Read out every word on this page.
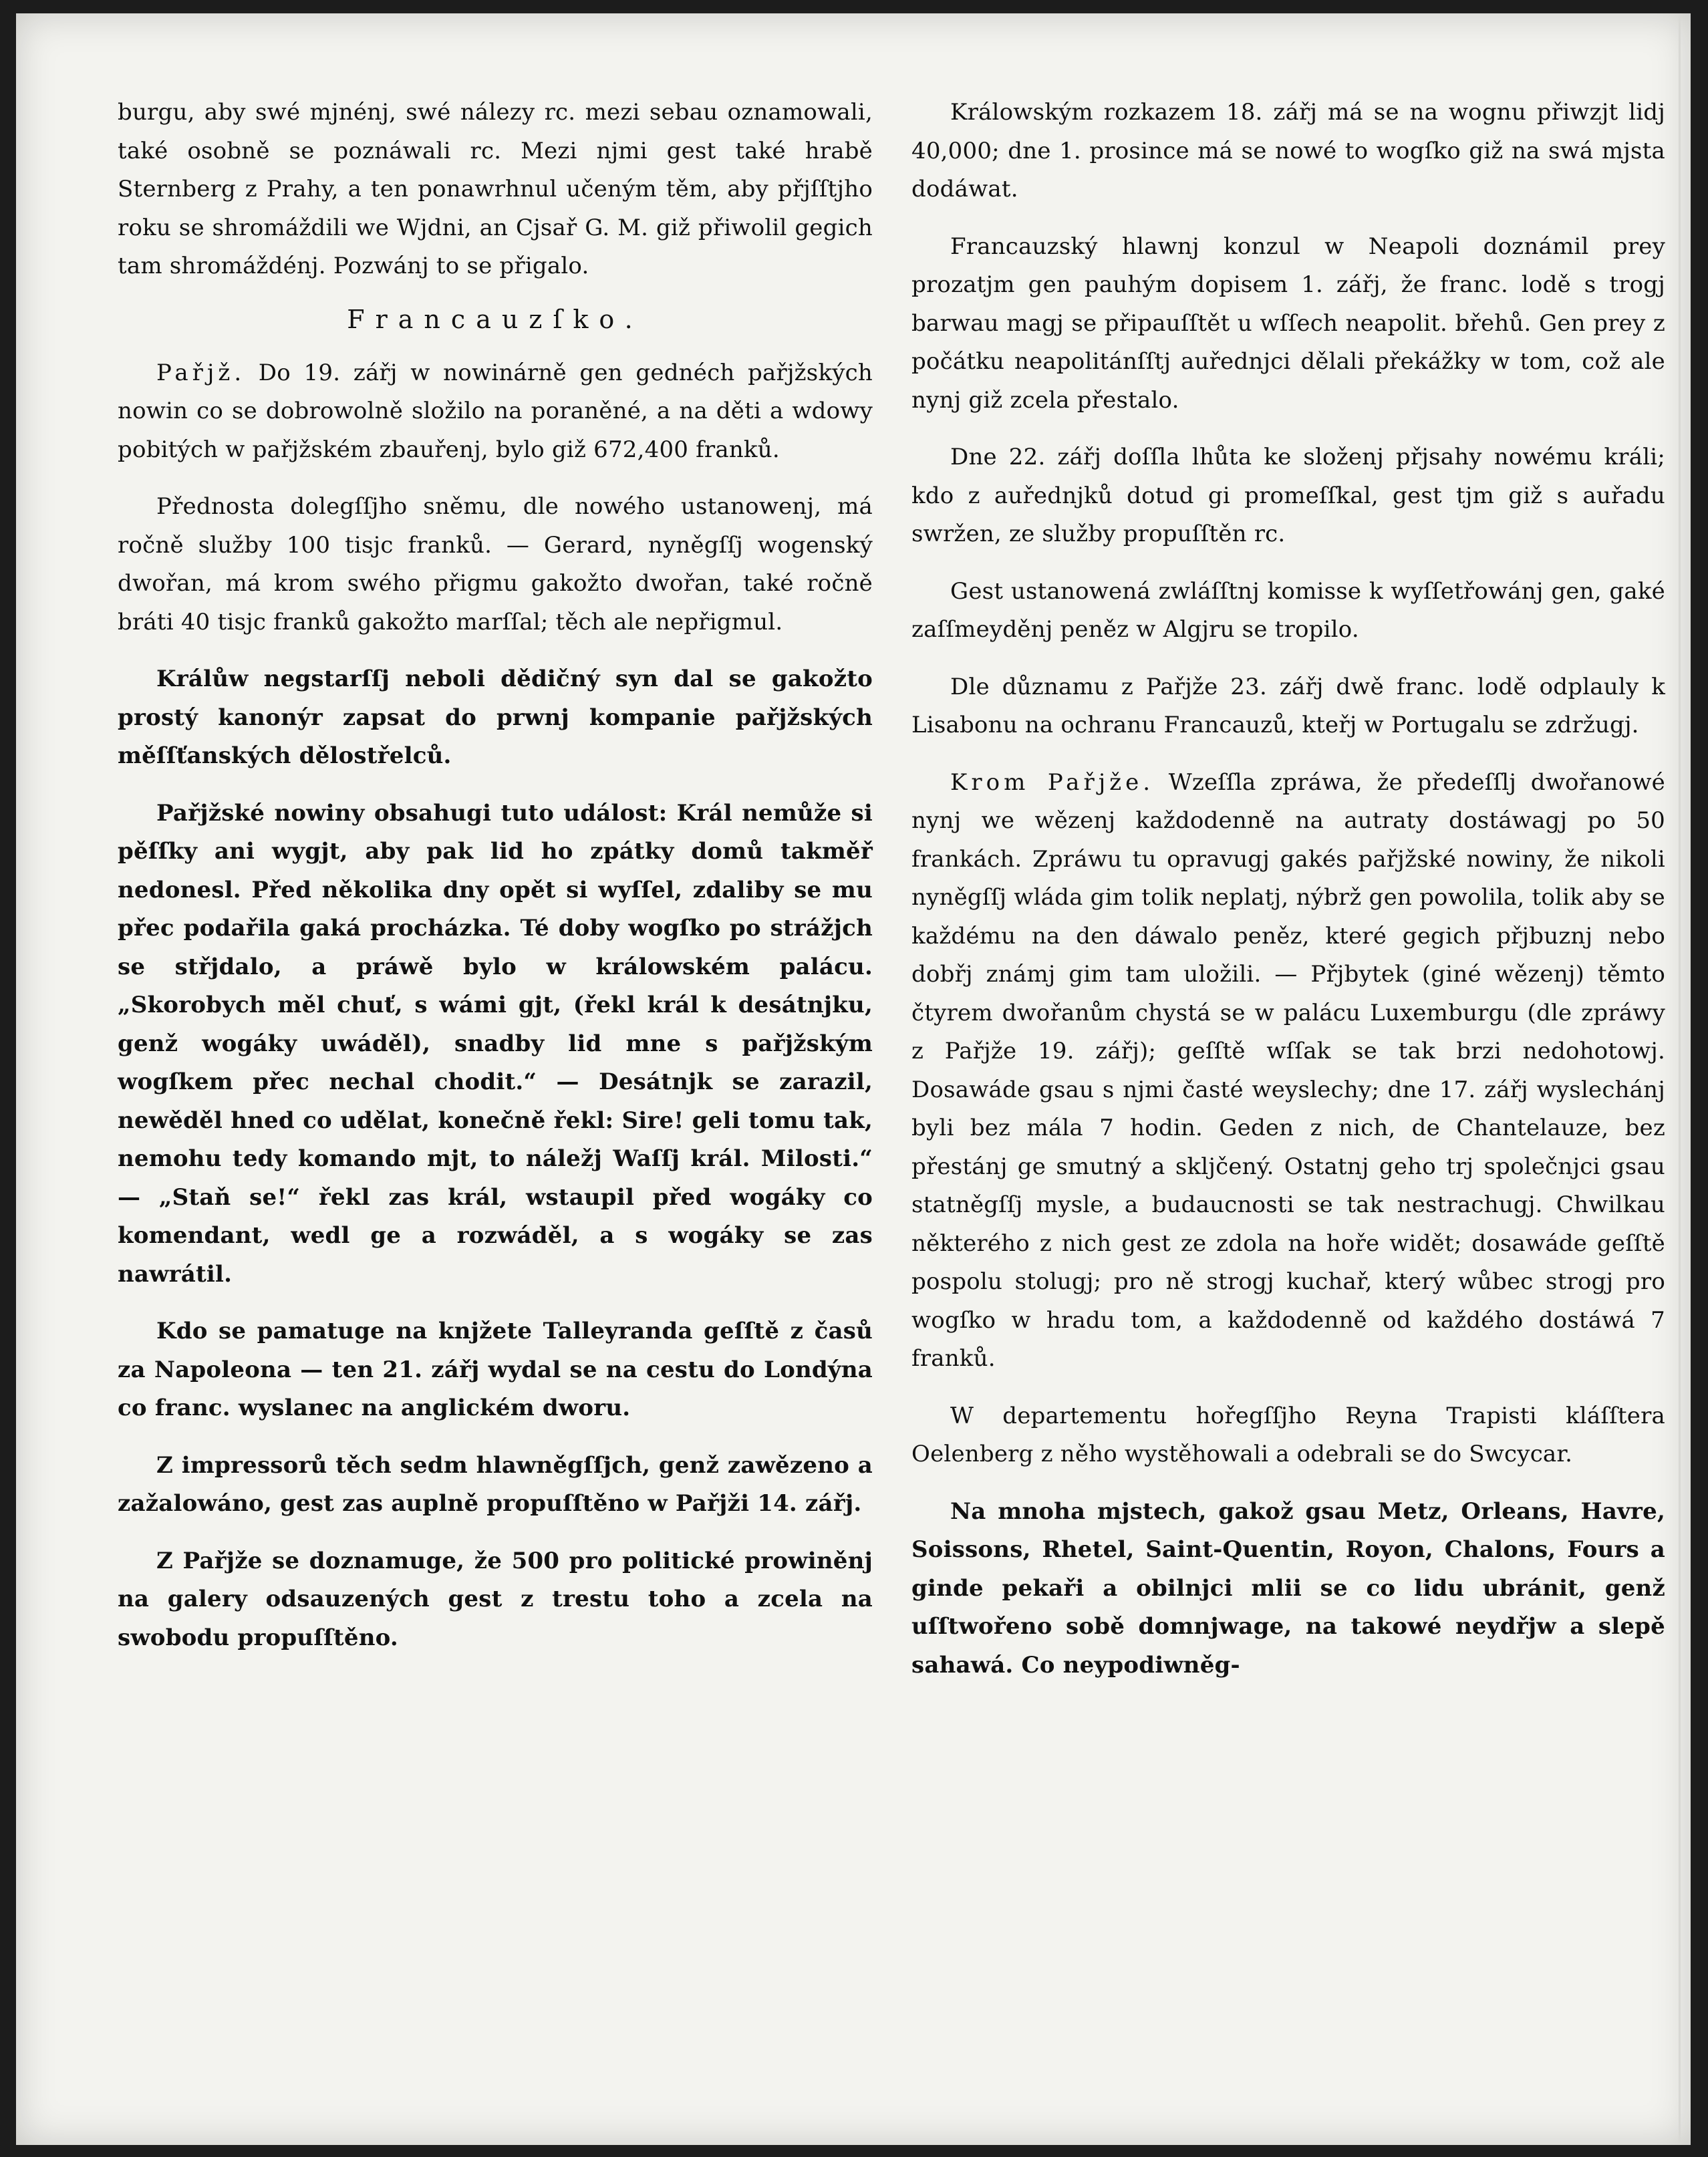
burgu, aby swé mjnénj, swé nálezy rc. mezi sebau oznamowali, také osobně se poznáwali rc. Mezi njmi gest také hrabě Sternberg z Prahy, a ten ponawrhnul učeným těm, aby přjſſtjho roku se shromáždili we Wjdni, an Cjsař G. M. giž přiwolil gegich tam shromáždénj. Pozwánj to se přigalo.

Francauzſko.

Pařjž. Do 19. zářj w nowinárně gen gednéch pařjžských nowin co se dobrowolně složilo na poraněné, a na děti a wdowy pobitých w pařjžském zbauřenj, bylo giž 672,400 franků.

Přednosta dolegſſjho sněmu, dle nowého ustanowenj, má ročně služby 100 tisjc franků. — Gerard, nyněgſſj wogenský dwořan, má krom swého přigmu gakožto dwořan, také ročně bráti 40 tisjc franků gakožto marſſal; těch ale nepřigmul.

Králůw negstarſſj neboli dědičný syn dal se gakožto prostý kanonýr zapsat do prwnj kompanie pařjžských měſſťanských dělostřelců.

Pařjžské nowiny obsahugi tuto událost: Král nemůže si pěſſky ani wygjt, aby pak lid ho zpátky domů takměř nedonesl. Před několika dny opět si wyſſel, zdaliby se mu přec podařila gaká procházka. Té doby wogſko po strážjch se střjdalo, a práwě bylo w králowském palácu. „Skorobych měl chuť, s wámi gjt, (řekl král k desátnjku, genž wogáky uwáděl), snadby lid mne s pařjžským wogſkem přec nechal chodit.“ — Desátnjk se zarazil, newěděl hned co udělat, konečně řekl: Sire! geli tomu tak, nemohu tedy komando mjt, to náležj Waſſj král. Milosti.“ — „Staň se!“ řekl zas král, wstaupil před wogáky co komendant, wedl ge a rozwáděl, a s wogáky se zas nawrátil.

Kdo se pamatuge na knjžete Talleyranda geſſtě z časů za Napoleona — ten 21. zářj wydal se na cestu do Londýna co franc. wyslanec na anglickém dworu.

Z impressorů těch sedm hlawněgſſjch, genž zawězeno a zažalowáno, gest zas auplně propuſſtěno w Pařjži 14. zářj.

Z Pařjže se doznamuge, že 500 pro politické prowiněnj na galery odsauzených gest z trestu toho a zcela na swobodu propuſſtěno.

Králowským rozkazem 18. zářj má se na wognu přiwzjt lidj 40,000; dne 1. prosince má se nowé to wogſko giž na swá mjsta dodáwat.

Francauzský hlawnj konzul w Neapoli doznámil prey prozatjm gen pauhým dopisem 1. zářj, že franc. lodě s trogj barwau magj se připauſſtět u wſſech neapolit. břehů. Gen prey z počátku neapolitánſſtj auřednjci dělali překážky w tom, což ale nynj giž zcela přestalo.

Dne 22. zářj doſſla lhůta ke složenj přjsahy nowému králi; kdo z auřednjků dotud gi promeſſkal, gest tjm giž s auřadu swržen, ze služby propuſſtěn rc.

Gest ustanowená zwláſſtnj komisse k wyſſetřowánj gen, gaké zaſſmeyděnj peněz w Algjru se tropilo.

Dle důznamu z Pařjže 23. zářj dwě franc. lodě odplauly k Lisabonu na ochranu Francauzů, kteřj w Portugalu se zdržugj.

Krom Pařjže. Wzeſſla zpráwa, že předeſſlj dwořanowé nynj we wězenj každodenně na autraty dostáwagj po 50 frankách. Zpráwu tu opravugj gakés pařjžské nowiny, že nikoli nyněgſſj wláda gim tolik neplatj, nýbrž gen powolila, tolik aby se každému na den dáwalo peněz, které gegich přjbuznj nebo dobřj známj gim tam uložili. — Přjbytek (giné wězenj) těmto čtyrem dwořanům chystá se w palácu Luxemburgu (dle zpráwy z Pařjže 19. zářj); geſſtě wſſak se tak brzi nedohotowj. Dosawáde gsau s njmi časté weyslechy; dne 17. zářj wyslechánj byli bez mála 7 hodin. Geden z nich, de Chantelauze, bez přestánj ge smutný a skljčený. Ostatnj geho trj společnjci gsau statněgſſj mysle, a budaucnosti se tak nestrachugj. Chwilkau některého z nich gest ze zdola na hoře widět; dosawáde geſſtě pospolu stolugj; pro ně strogj kuchař, který wůbec strogj pro wogſko w hradu tom, a každodenně od každého dostáwá 7 franků.

W departementu hořegſſjho Reyna Trapisti kláſſtera Oelenberg z něho wystěhowali a odebrali se do Swcycar.

Na mnoha mjstech, gakož gsau Metz, Orleans, Havre, Soissons, Rhetel, Saint-Quentin, Royon, Chalons, Fours a ginde pekaři a obilnjci mlii se co lidu ubránit, genž uſſtwořeno sobě domnjwage, na takowé neydřjw a slepě sahawá. Co neypodiwněg-
